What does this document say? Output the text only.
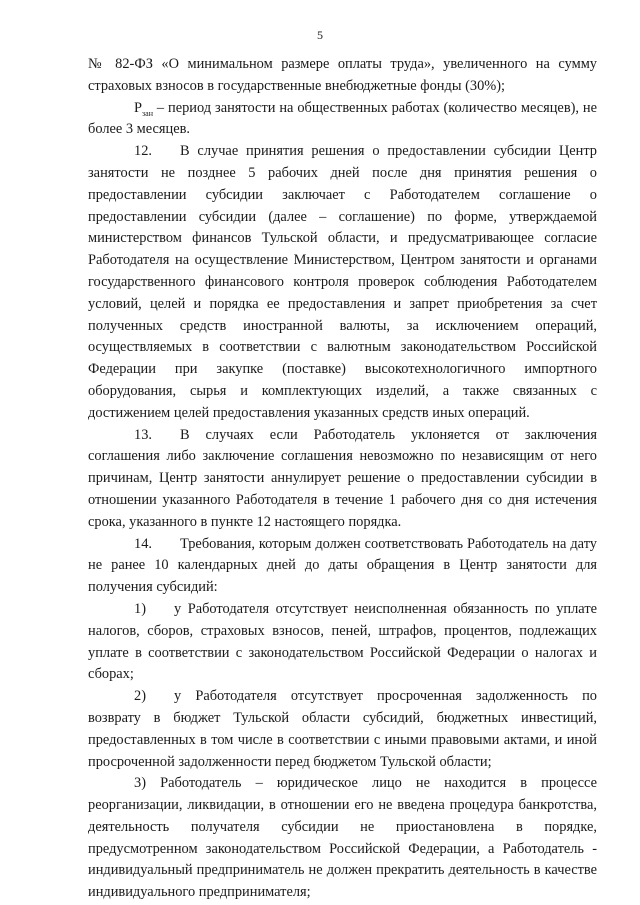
5

№ 82-ФЗ «О минимальном размере оплаты труда», увеличенного на сумму страховых взносов в государственные внебюджетные фонды (30%);

$Р_{зан}$ – период занятости на общественных работах (количество месяцев), не более 3 месяцев.

12. В случае принятия решения о предоставлении субсидии Центр занятости не позднее 5 рабочих дней после дня принятия решения о предоставлении субсидии заключает с Работодателем соглашение о предоставлении субсидии (далее – соглашение) по форме, утверждаемой министерством финансов Тульской области, и предусматривающее согласие Работодателя на осуществление Министерством, Центром занятости и органами государственного финансового контроля проверок соблюдения Работодателем условий, целей и порядка ее предоставления и запрет приобретения за счет полученных средств иностранной валюты, за исключением операций, осуществляемых в соответствии с валютным законодательством Российской Федерации при закупке (поставке) высокотехнологичного импортного оборудования, сырья и комплектующих изделий, а также связанных с достижением целей предоставления указанных средств иных операций.

13. В случаях если Работодатель уклоняется от заключения соглашения либо заключение соглашения невозможно по независящим от него причинам, Центр занятости аннулирует решение о предоставлении субсидии в отношении указанного Работодателя в течение 1 рабочего дня со дня истечения срока, указанного в пункте 12 настоящего порядка.

14. Требования, которым должен соответствовать Работодатель на дату не ранее 10 календарных дней до даты обращения в Центр занятости для получения субсидий:

1) у Работодателя отсутствует неисполненная обязанность по уплате налогов, сборов, страховых взносов, пеней, штрафов, процентов, подлежащих уплате в соответствии с законодательством Российской Федерации о налогах и сборах;

2) у Работодателя отсутствует просроченная задолженность по возврату в бюджет Тульской области субсидий, бюджетных инвестиций, предоставленных в том числе в соответствии с иными правовыми актами, и иной просроченной задолженности перед бюджетом Тульской области;

3) Работодатель – юридическое лицо не находится в процессе реорганизации, ликвидации, в отношении его не введена процедура банкротства, деятельность получателя субсидии не приостановлена в порядке, предусмотренном законодательством Российской Федерации, а Работодатель - индивидуальный предприниматель не должен прекратить деятельность в качестве индивидуального предпринимателя;
